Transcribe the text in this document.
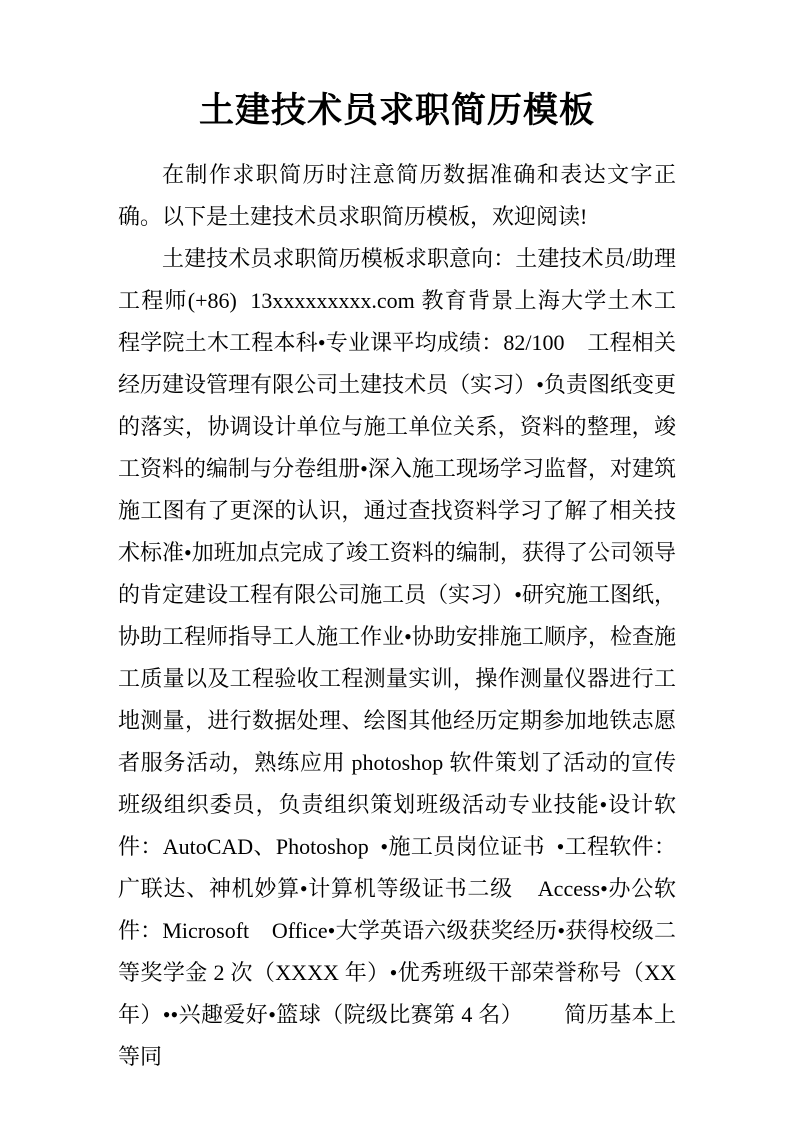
土建技术员求职简历模板

在制作求职简历时注意简历数据准确和表达文字正确。以下是土建技术员求职简历模板，欢迎阅读!

土建技术员求职简历模板求职意向：土建技术员/助理工程师(+86)  13xxxxxxxxx.com 教育背景上海大学土木工程学院土木工程本科•专业课平均成绩：82/100    工程相关经历建设管理有限公司土建技术员（实习）•负责图纸变更的落实，协调设计单位与施工单位关系，资料的整理，竣工资料的编制与分卷组册•深入施工现场学习监督，对建筑施工图有了更深的认识，通过查找资料学习了解了相关技术标准•加班加点完成了竣工资料的编制，获得了公司领导的肯定建设工程有限公司施工员（实习）•研究施工图纸，协助工程师指导工人施工作业•协助安排施工顺序，检查施工质量以及工程验收工程测量实训，操作测量仪器进行工地测量，进行数据处理、绘图其他经历定期参加地铁志愿者服务活动，熟练应用 photoshop 软件策划了活动的宣传班级组织委员，负责组织策划班级活动专业技能•设计软件：AutoCAD、Photoshop  •施工员岗位证书  •工程软件：广联达、神机妙算•计算机等级证书二级    Access•办公软件：Microsoft    Office•大学英语六级获奖经历•获得校级二等奖学金 2 次（XXXX 年）•优秀班级干部荣誉称号（XX 年）••兴趣爱好•篮球（院级比赛第 4 名）       简历基本上等同
